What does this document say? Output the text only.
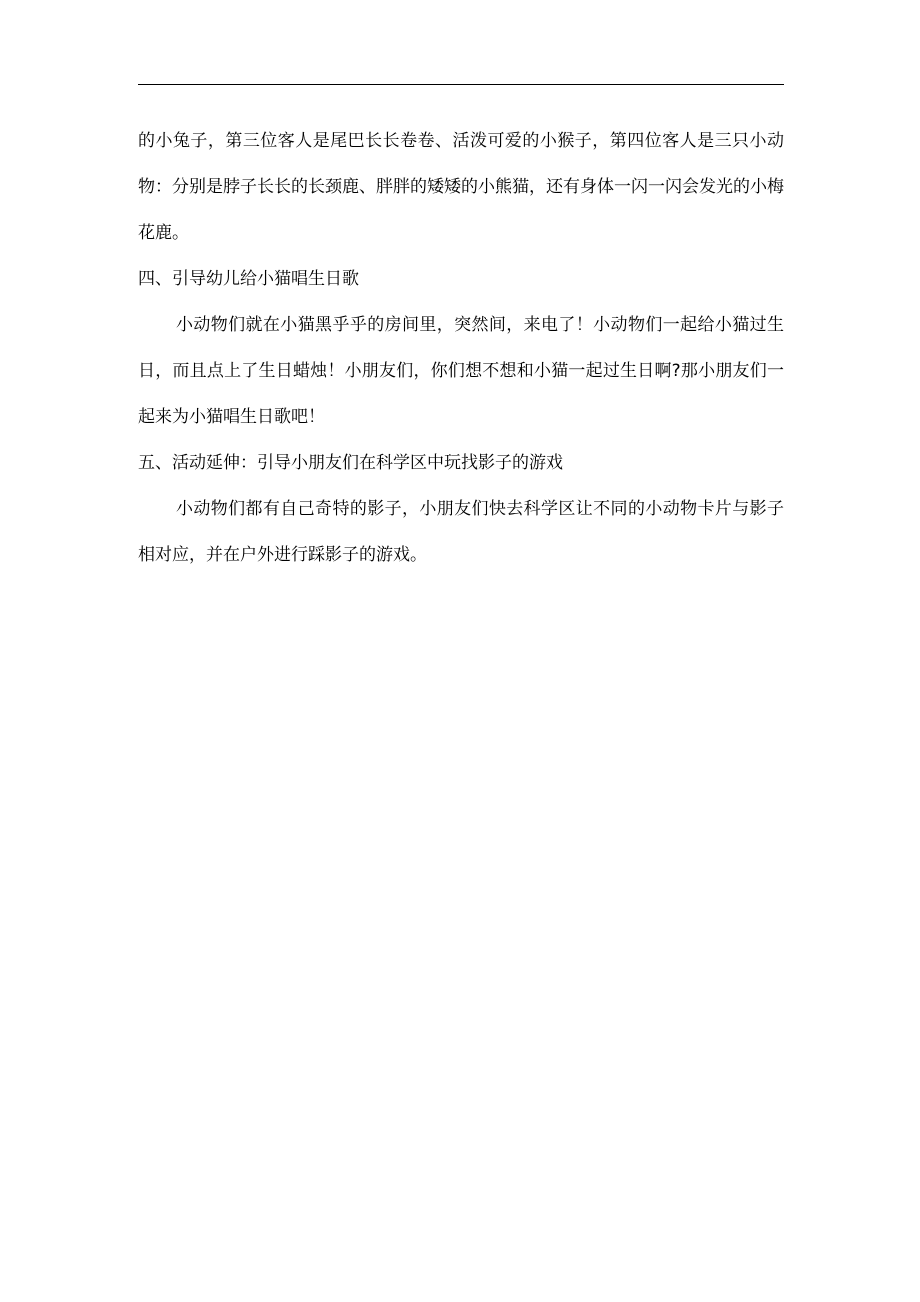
的小兔子，第三位客人是尾巴长长卷卷、活泼可爱的小猴子，第四位客人是三只小动物：分别是脖子长长的长颈鹿、胖胖的矮矮的小熊猫，还有身体一闪一闪会发光的小梅花鹿。

四、引导幼儿给小猫唱生日歌

小动物们就在小猫黑乎乎的房间里，突然间，来电了！小动物们一起给小猫过生日，而且点上了生日蜡烛！小朋友们，你们想不想和小猫一起过生日啊?那小朋友们一起来为小猫唱生日歌吧！

五、活动延伸：引导小朋友们在科学区中玩找影子的游戏

小动物们都有自己奇特的影子，小朋友们快去科学区让不同的小动物卡片与影子相对应，并在户外进行踩影子的游戏。
